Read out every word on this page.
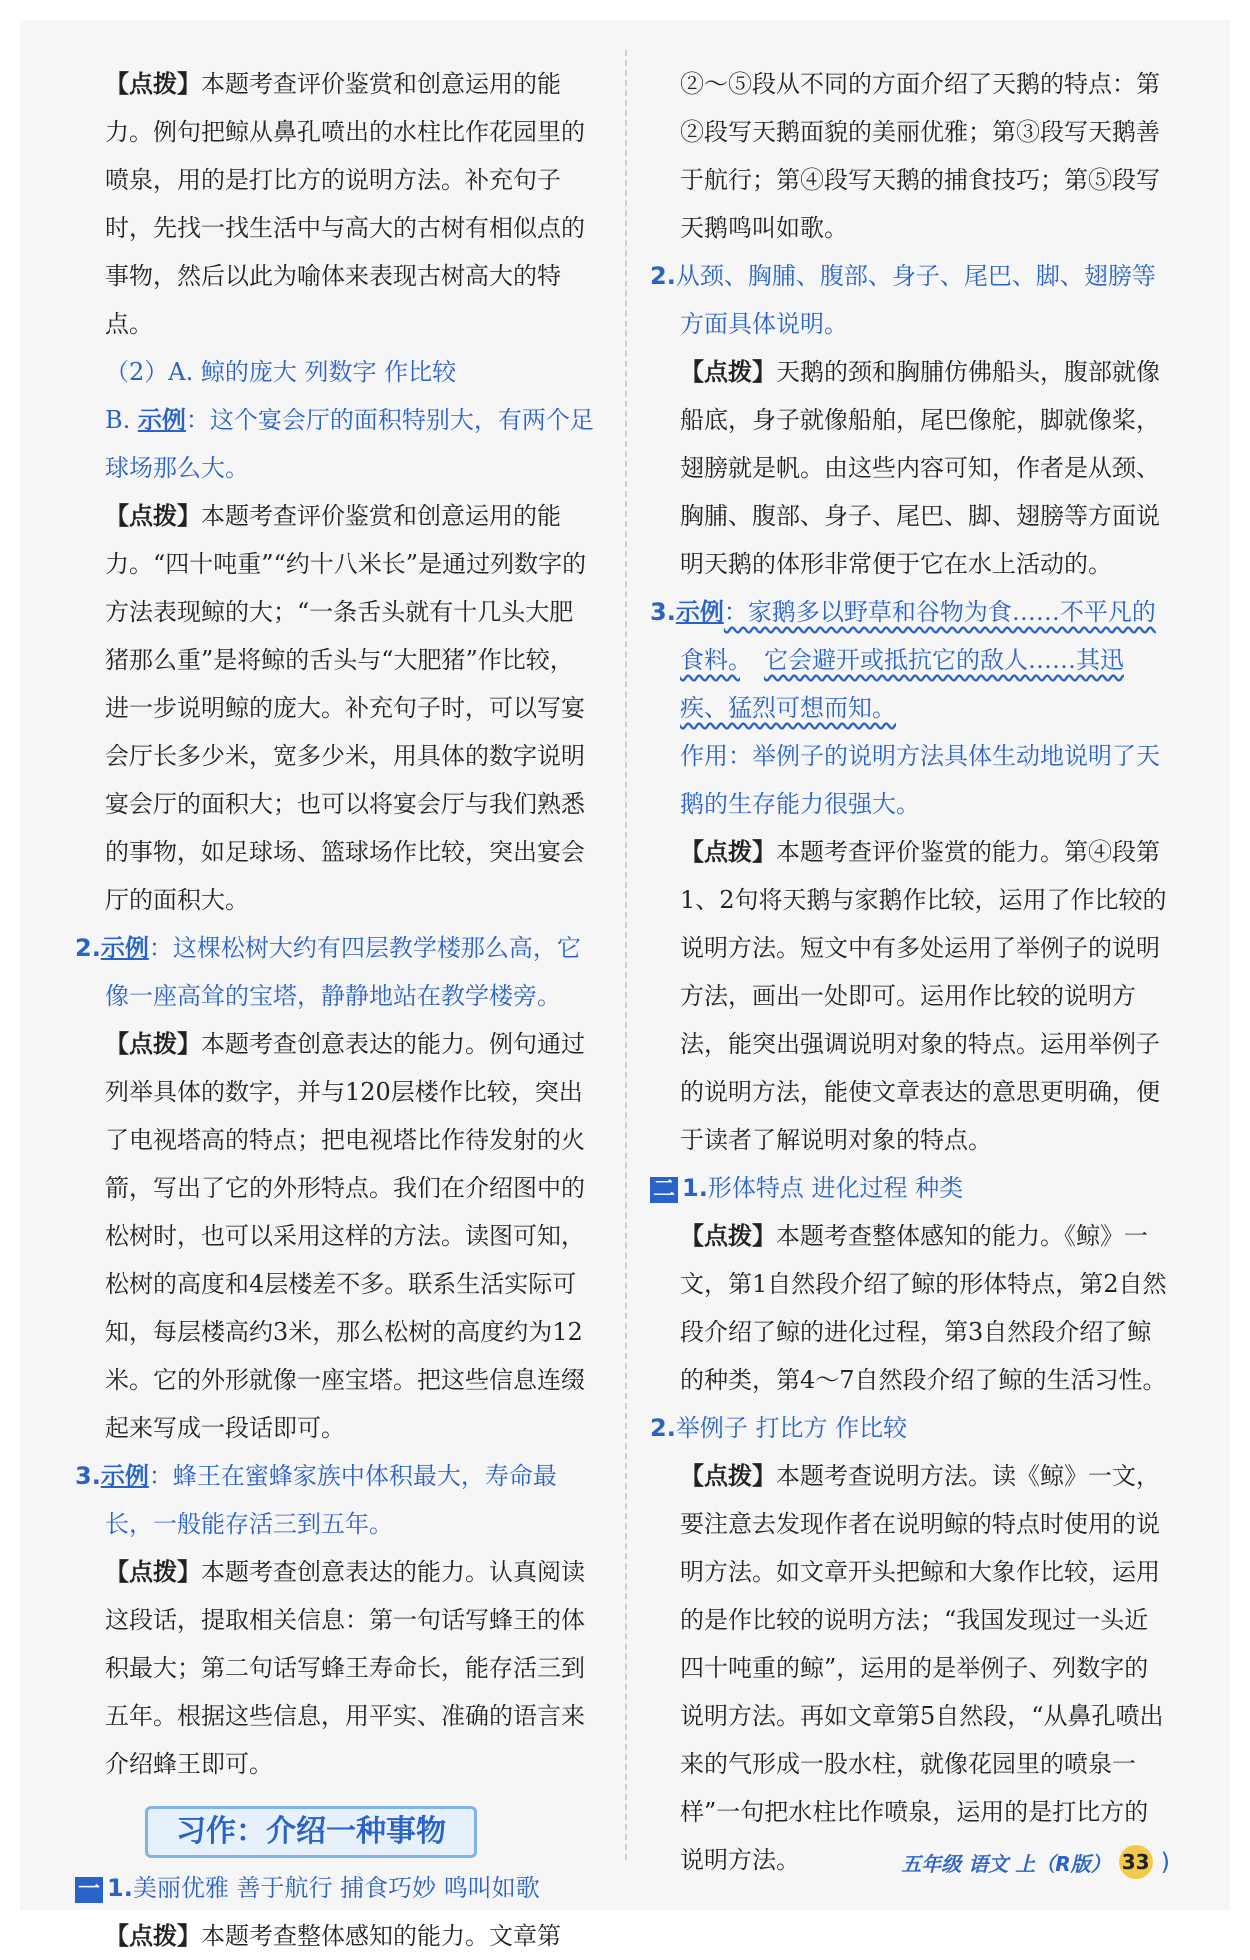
【点拨】本题考查评价鉴赏和创意运用的能力。例句把鲸从鼻孔喷出的水柱比作花园里的喷泉，用的是打比方的说明方法。补充句子时，先找一找生活中与高大的古树有相似点的事物，然后以此为喻体来表现古树高大的特点。

（2）A. 鲸的庞大 列数字 作比较

B. 示例：这个宴会厅的面积特别大，有两个足球场那么大。

【点拨】本题考查评价鉴赏和创意运用的能力。“四十吨重”“约十八米长”是通过列数字的方法表现鲸的大；“一条舌头就有十几头大肥猪那么重”是将鲸的舌头与“大肥猪”作比较，进一步说明鲸的庞大。补充句子时，可以写宴会厅长多少米，宽多少米，用具体的数字说明宴会厅的面积大；也可以将宴会厅与我们熟悉的事物，如足球场、篮球场作比较，突出宴会厅的面积大。

2.示例：这棵松树大约有四层教学楼那么高，它像一座高耸的宝塔，静静地站在教学楼旁。

【点拨】本题考查创意表达的能力。例句通过列举具体的数字，并与120层楼作比较，突出了电视塔高的特点；把电视塔比作待发射的火箭，写出了它的外形特点。我们在介绍图中的松树时，也可以采用这样的方法。读图可知，松树的高度和4层楼差不多。联系生活实际可知，每层楼高约3米，那么松树的高度约为12米。它的外形就像一座宝塔。把这些信息连缀起来写成一段话即可。

3.示例：蜂王在蜜蜂家族中体积最大，寿命最长，一般能存活三到五年。

【点拨】本题考查创意表达的能力。认真阅读这段话，提取相关信息：第一句话写蜂王的体积最大；第二句话写蜂王寿命长，能存活三到五年。根据这些信息，用平实、准确的语言来介绍蜂王即可。

习作：介绍一种事物

一 1.美丽优雅 善于航行 捕食巧妙 鸣叫如歌

【点拨】本题考查整体感知的能力。文章第

②～⑤段从不同的方面介绍了天鹅的特点：第②段写天鹅面貌的美丽优雅；第③段写天鹅善于航行；第④段写天鹅的捕食技巧；第⑤段写天鹅鸣叫如歌。

2.从颈、胸脯、腹部、身子、尾巴、脚、翅膀等方面具体说明。

【点拨】天鹅的颈和胸脯仿佛船头，腹部就像船底，身子就像船舶，尾巴像舵，脚就像桨，翅膀就是帆。由这些内容可知，作者是从颈、胸脯、腹部、身子、尾巴、脚、翅膀等方面说明天鹅的体形非常便于它在水上活动的。

3.示例：家鹅多以野草和谷物为食……不平凡的食料。　 它会避开或抵抗它的敌人……其迅疾、猛烈可想而知。

作用：举例子的说明方法具体生动地说明了天鹅的生存能力很强大。

【点拨】本题考查评价鉴赏的能力。第④段第1、2句将天鹅与家鹅作比较，运用了作比较的说明方法。短文中有多处运用了举例子的说明方法，画出一处即可。运用作比较的说明方法，能突出强调说明对象的特点。运用举例子的说明方法，能使文章表达的意思更明确，便于读者了解说明对象的特点。

二 1.形体特点 进化过程 种类

【点拨】本题考查整体感知的能力。《鲸》一文，第1自然段介绍了鲸的形体特点，第2自然段介绍了鲸的进化过程，第3自然段介绍了鲸的种类，第4～7自然段介绍了鲸的生活习性。

2.举例子 打比方 作比较

【点拨】本题考查说明方法。读《鲸》一文，要注意去发现作者在说明鲸的特点时使用的说明方法。如文章开头把鲸和大象作比较，运用的是作比较的说明方法；“我国发现过一头近四十吨重的鲸”，运用的是举例子、列数字的说明方法。再如文章第5自然段，“从鼻孔喷出来的气形成一股水柱，就像花园里的喷泉一样”一句把水柱比作喷泉，运用的是打比方的说明方法。	五年级 语文 上（R版） 33 )
